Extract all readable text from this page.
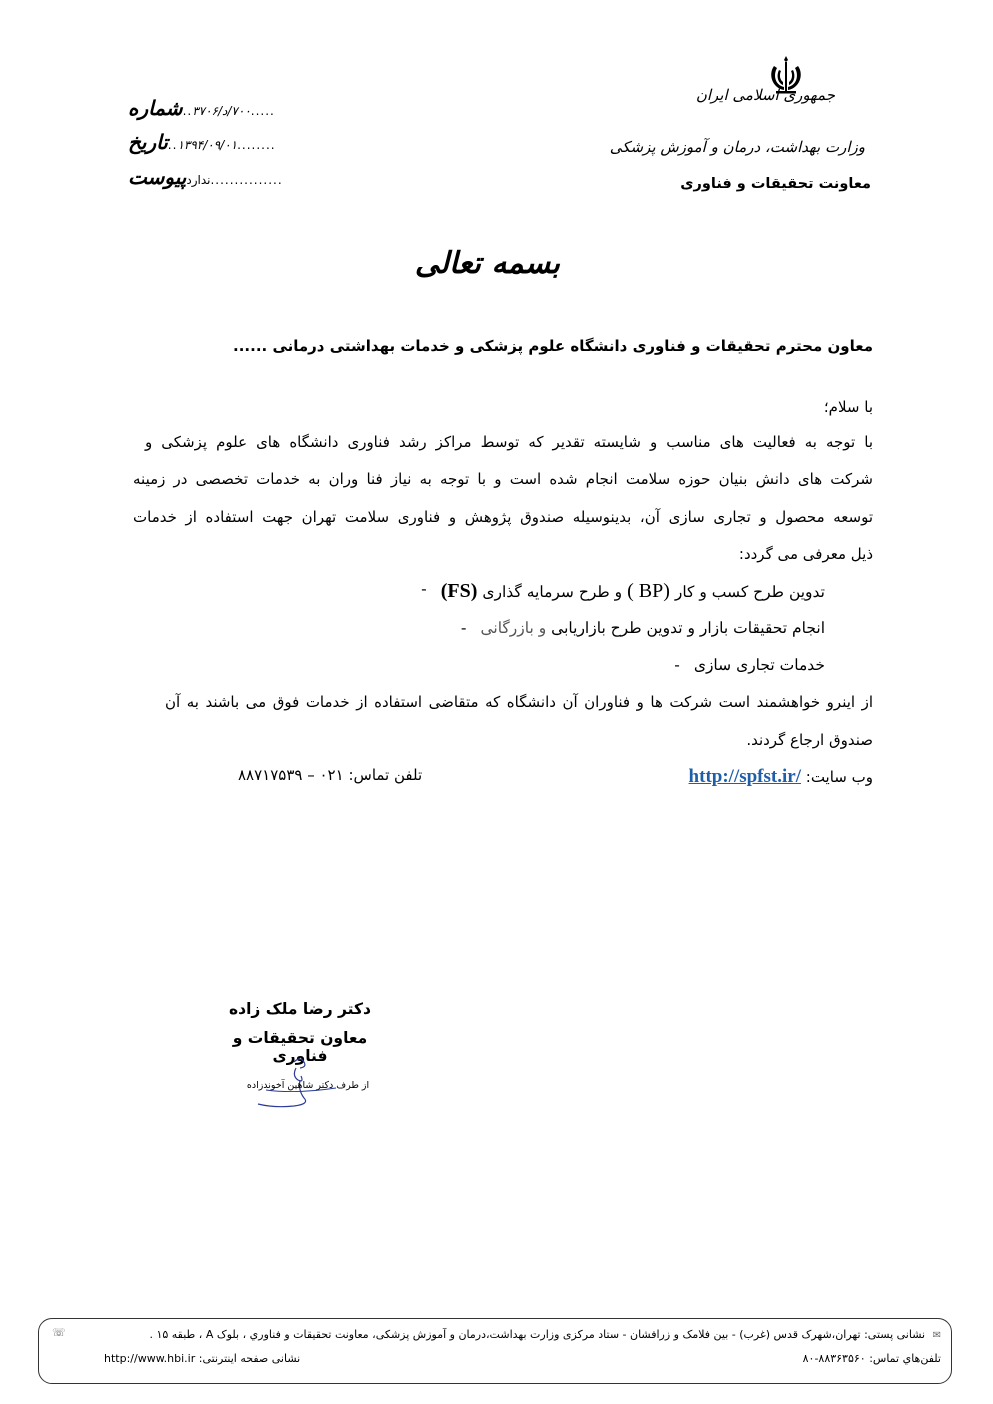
جمهوری اسلامی ایران
وزارت بهداشت، درمان و آموزش پزشکی
معاونت تحقیقات و فناوری
شماره .. ۷۰۰/د/۳۷۰۶ .....
تاریخ .. ۱۳۹۴/۰۹/۰۱ ........
پیوست ندارد ...............
بسمه تعالی
معاون محترم تحقیقات و فناوری دانشگاه علوم پزشکی و خدمات بهداشتی درمانی ......
با سلام؛
با توجه به فعالیت های مناسب و شایسته تقدیر که توسط مراکز رشد فناوری دانشگاه های علوم پزشکی و
شرکت های دانش بنیان حوزه سلامت انجام شده است و با توجه به نیاز فنا وران به خدمات تخصصی در زمینه
توسعه محصول و تجاری سازی آن، بدینوسیله صندوق پژوهش و فناوری سلامت تهران جهت استفاده از خدمات
ذیل معرفی می گردد:
-	تدوین طرح کسب و کار (BP ) و طرح سرمایه گذاری (FS)
-	انجام تحقیقات بازار و تدوین طرح بازاریابی و بازرگانی
- خدمات تجاری سازی
از اینرو خواهشمند است شرکت ها و فناوران آن دانشگاه که متقاضی استفاده از خدمات فوق می باشند به آن
صندوق ارجاع گردند.
وب سایت: http://spfst.ir/
تلفن تماس: ۰۲۱ – ۸۸۷۱۷۵۳۹
دکتر رضا ملک زاده
معاون تحقیقات و فناوری
از طرف دکتر شاهین آخوندزاده
✉ نشانی پستی: تهران،شهرک قدس (غرب) - بین فلامک و زرافشان - ستاد مرکزی وزارت بهداشت،درمان و آموزش پزشکی، معاونت تحقیقات و فناوري ، بلوک A ، طبقه ۱۵ .
☏
تلفن‌هاي تماس: ۸۸۳۶۳۵۶۰-۸۰
نشانی صفحه اینترنتی: http://www.hbi.ir
